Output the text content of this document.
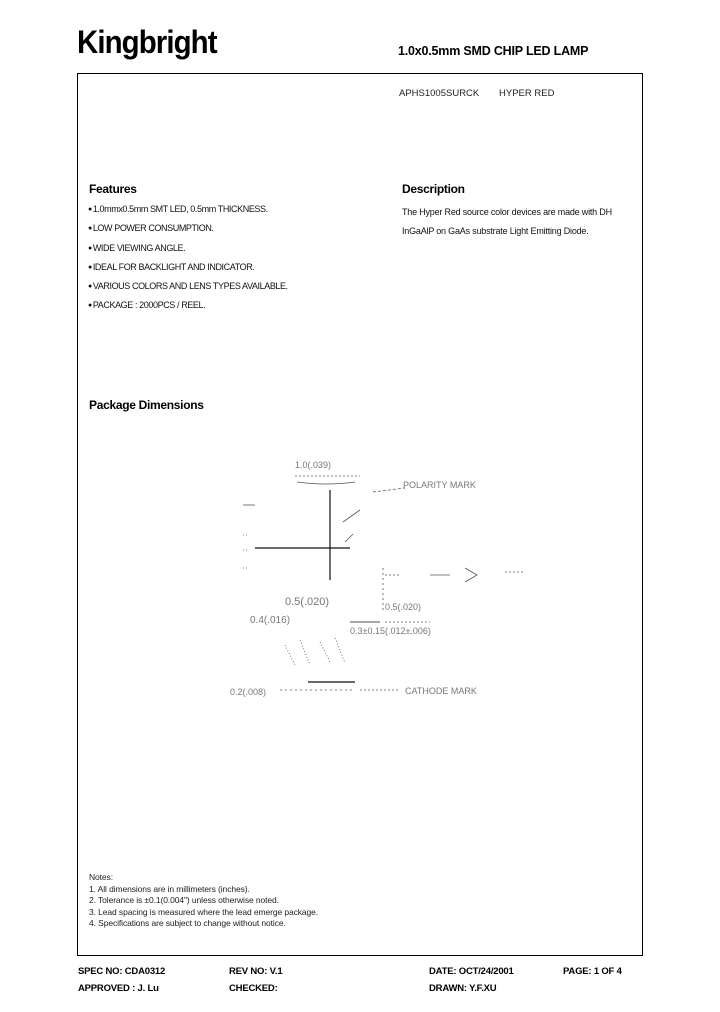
Kingbright	1.0x0.5mm SMD CHIP LED LAMP
APHS1005SURCK HYPER RED
Features
●1.0mmx0.5mm SMT LED, 0.5mm THICKNESS.
●LOW POWER CONSUMPTION.
●WIDE VIEWING ANGLE.
●IDEAL FOR BACKLIGHT AND INDICATOR.
●VARIOUS COLORS AND LENS TYPES AVAILABLE.
●PACKAGE : 2000PCS / REEL.
Description
The Hyper Red source color devices are made with DH
InGaAlP on GaAs substrate Light Emitting Diode.
Package Dimensions
1.0(.039)
POLARITY MARK
0.5(.020)
0.4(.016)
0.5(.020)
0.3±0.15(.012±.006)
0.2(.008)	CATHODE MARK
Notes:
1. All dimensions are in millimeters (inches).
2. Tolerance is ±0.1(0.004") unless otherwise noted.
3. Lead spacing is measured where the lead emerge package.
4. Specifications are subject to change without notice.
SPEC NO: CDA0312	REV NO: V.1	DATE: OCT/24/2001	PAGE: 1 OF 4
APPROVED : J. Lu	CHECKED:	DRAWN: Y.F.XU
